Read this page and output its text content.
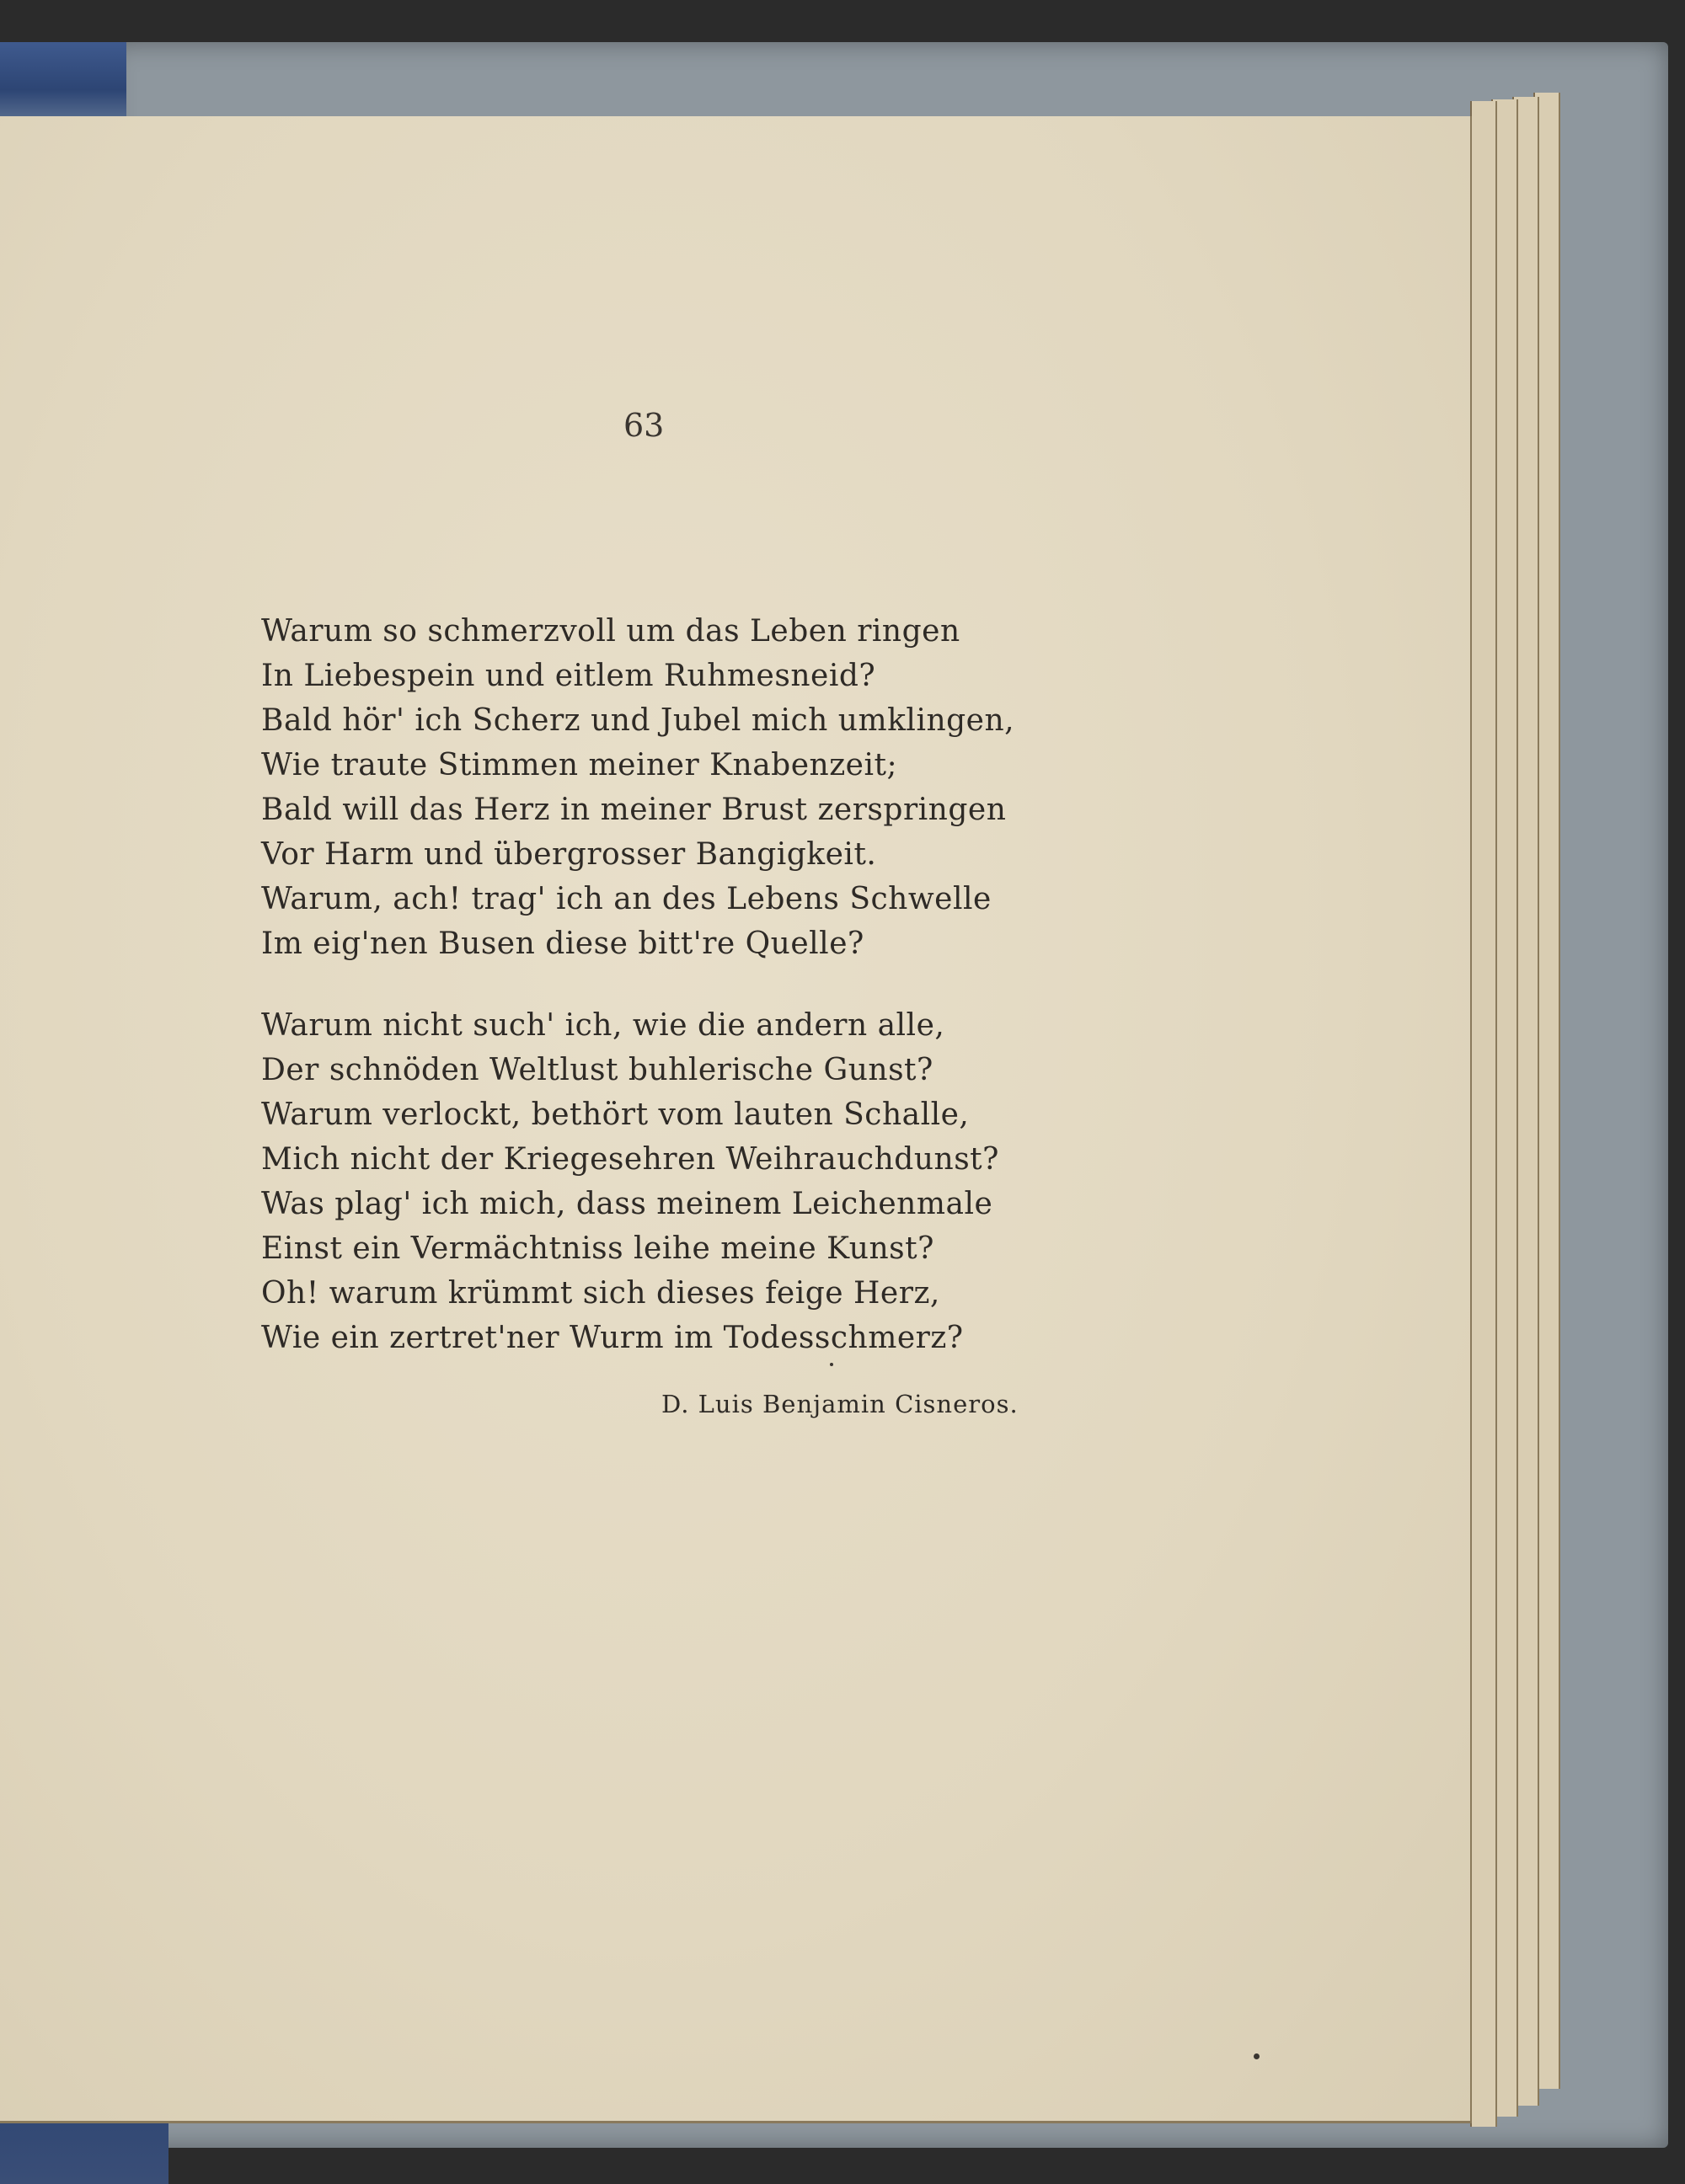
63
Warum so schmerzvoll um das Leben ringen
In Liebespein und eitlem Ruhmesneid?
Bald hör' ich Scherz und Jubel mich umklingen,
Wie traute Stimmen meiner Knabenzeit;
Bald will das Herz in meiner Brust zerspringen
Vor Harm und übergrosser Bangigkeit.
Warum, ach! trag' ich an des Lebens Schwelle
Im eig'nen Busen diese bitt're Quelle?
Warum nicht such' ich, wie die andern alle,
Der schnöden Weltlust buhlerische Gunst?
Warum verlockt, bethört vom lauten Schalle,
Mich nicht der Kriegesehren Weihrauchdunst?
Was plag' ich mich, dass meinem Leichenmale
Einst ein Vermächtniss leihe meine Kunst?
Oh! warum krümmt sich dieses feige Herz,
Wie ein zertret'ner Wurm im Todesschmerz?
D. Luis Benjamin Cisneros.
